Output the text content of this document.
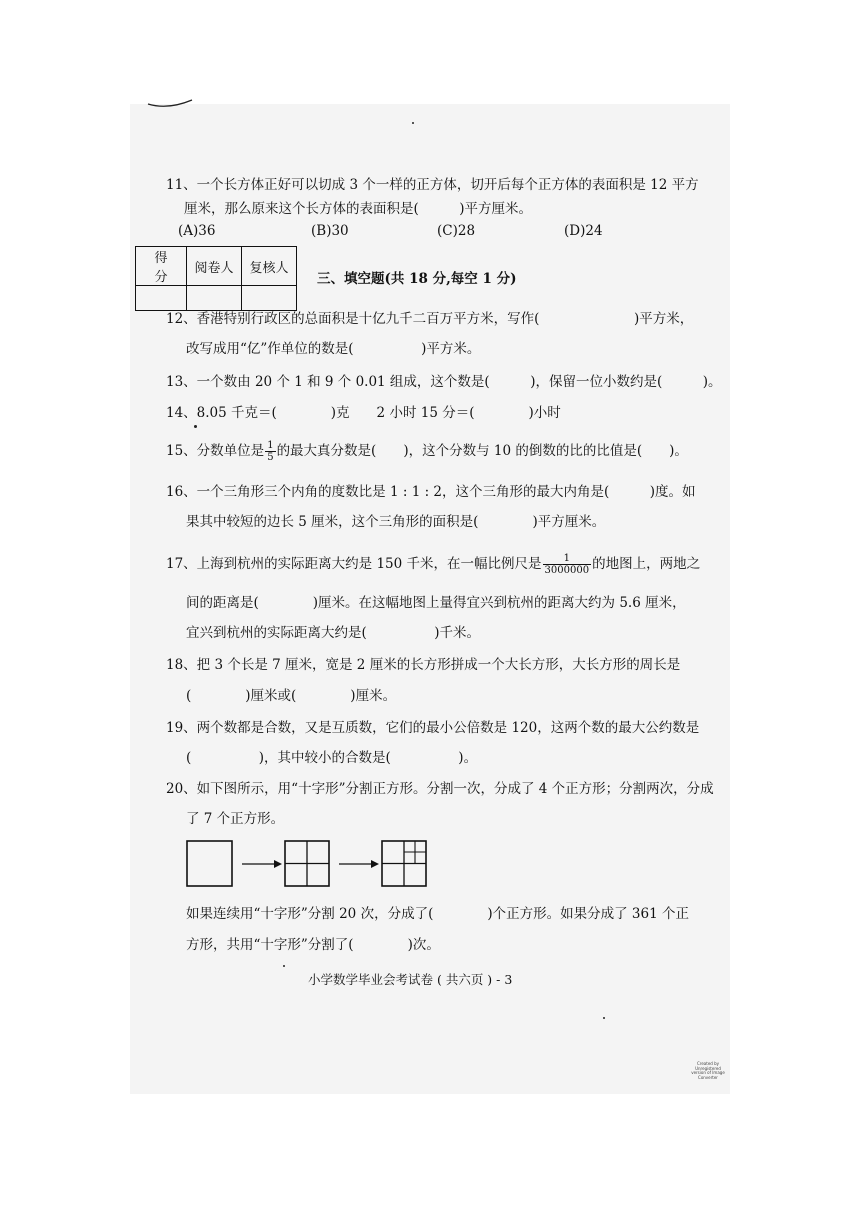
11、一个长方体正好可以切成 3 个一样的正方体，切开后每个正方体的表面积是 12 平方
厘米，那么原来这个长方体的表面积是(　　　)平方厘米。
(A)36	(B)30	(C)28	(D)24
得　分	阅卷人	复核人

三、填空题(共 18 分,每空 1 分)
12、香港特别行政区的总面积是十亿九千二百万平方米，写作(　　　　　　　)平方米，
改写成用“亿”作单位的数是(　　　　　)平方米。
13、一个数由 20 个 1 和 9 个 0.01 组成，这个数是(　　　)，保留一位小数约是(　　　)。
14、8.05 千克＝(　　　　)克　　2 小时 15 分＝(　　　　)小时
15、分数单位是 $\frac{1}{5}$ 的最大真分数是(　　)，这个分数与 10 的倒数的比的比值是(　　)。
16、一个三角形三个内角的度数比是 1 : 1 : 2，这个三角形的最大内角是(　　　)度。如
果其中较短的边长 5 厘米，这个三角形的面积是(　　　　)平方厘米。
17、上海到杭州的实际距离大约是 150 千米，在一幅比例尺是 $\frac{1}{3000000}$ 的地图上，两地之
间的距离是(　　　　)厘米。在这幅地图上量得宜兴到杭州的距离大约为 5.6 厘米，
宜兴到杭州的实际距离大约是(　　　　　)千米。
18、把 3 个长是 7 厘米，宽是 2 厘米的长方形拼成一个大长方形，大长方形的周长是
(　　　　)厘米或(　　　　)厘米。
19、两个数都是合数，又是互质数，它们的最小公倍数是 120，这两个数的最大公约数是
(　　　　　)，其中较小的合数是(　　　　　)。
20、如下图所示，用“十字形”分割正方形。分割一次，分成了 4 个正方形；分割两次，分成
了 7 个正方形。
如果连续用“十字形”分割 20 次，分成了(　　　　)个正方形。如果分成了 361 个正
方形，共用“十字形”分割了(　　　　)次。
小学数学毕业会考试卷 ( 共六页 ) - 3
Created by Unregistered version of Image Converter
